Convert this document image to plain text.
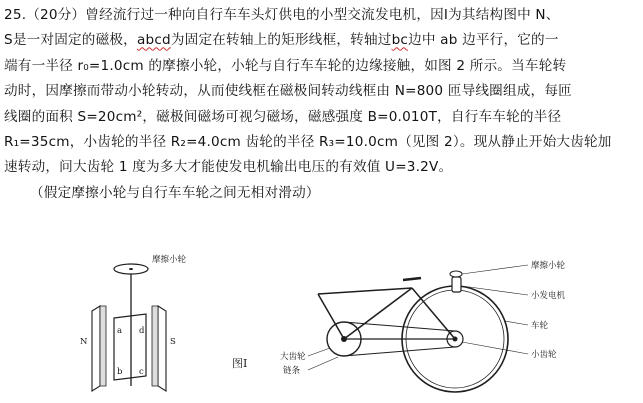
25.（20分）曾经流行过一种向自行车车头灯供电的小型交流发电机，因I为其结构图中 N、
S是一对固定的磁极，abcd为固定在转轴上的矩形线框，转轴过bc边中 ab 边平行，它的一
端有一半径 r₀=1.0cm 的摩擦小轮，小轮与自行车车轮的边缘接触，如图 2 所示。当车轮转
动时，因摩擦而带动小轮转动，从而使线框在磁极间转动线框由 N=800 匝导线圈组成，每匝
线圈的面积 S=20cm²，磁极间磁场可视匀磁场，磁感强度 B=0.010T，自行车车轮的半径
R₁=35cm，小齿轮的半径 R₂=4.0cm 齿轮的半径 R₃=10.0cm（见图 2）。现从静止开始大齿轮加
速转动，问大齿轮 1 度为多大才能使发电机输出电压的有效值 U=3.2V。
（假定摩擦小轮与自行车车轮之间无相对滑动）
摩擦小轮
N	S
a
b c
d
图I
摩擦小轮
小发电机
车轮
小齿轮
大齿轮
链条
